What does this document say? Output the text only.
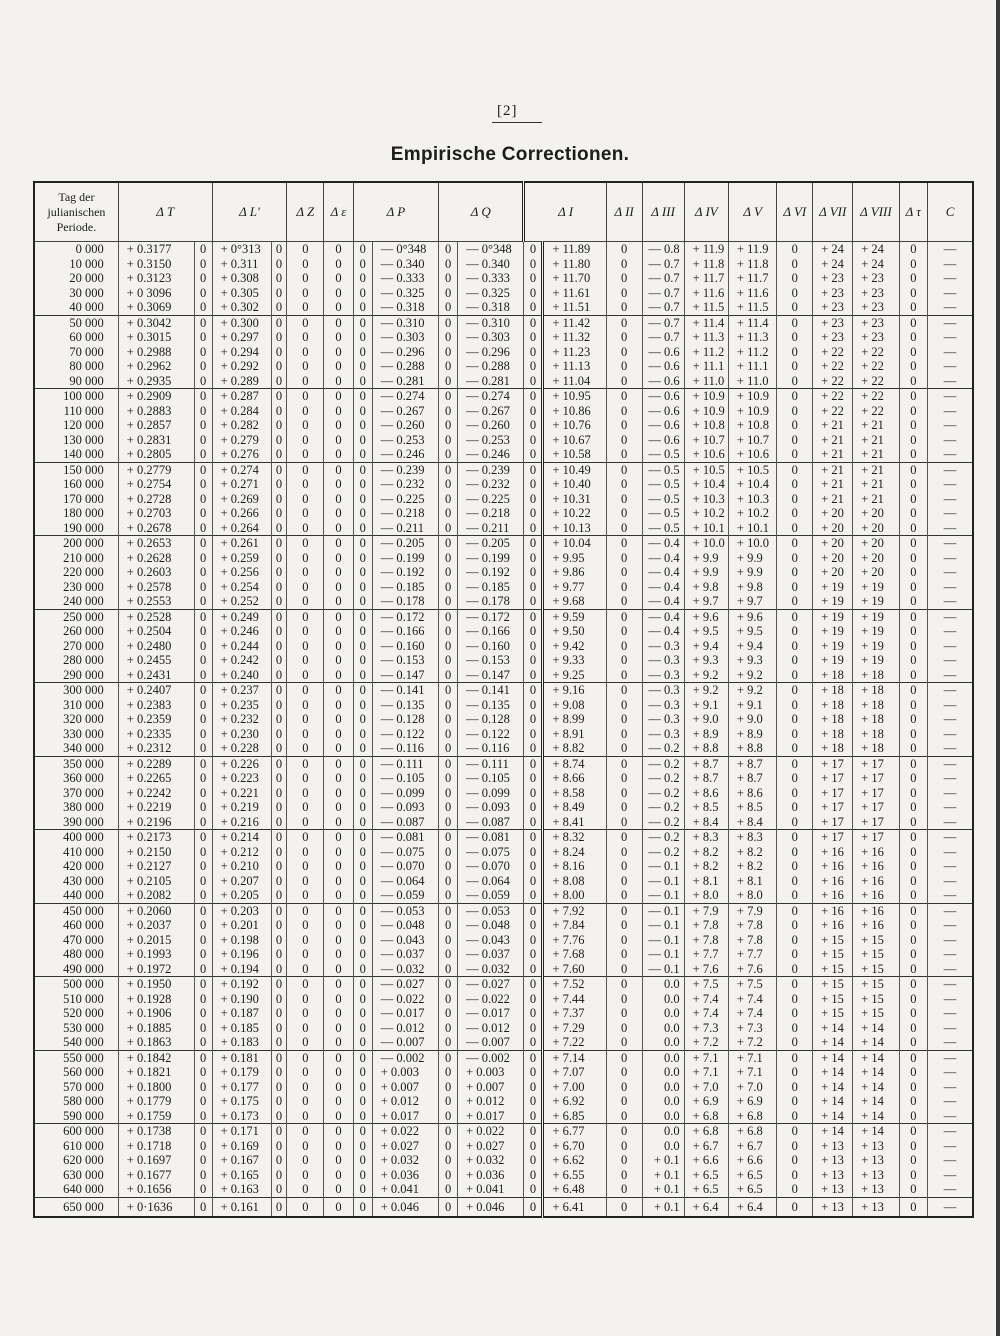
[2]
Empirische Correctionen.
Tag der julianischen Periode.	Δ T		Δ L'		Δ Z	Δ ε	Δ P		Δ Q		Δ I		Δ II	Δ III	Δ IV	Δ V	Δ VI	Δ VII	Δ VIII	Δ τ	C
0 000	+ 0.3177	0	+ 0°313	0	0	0	0	— 0°348	0	— 0°348	0	+ 11.89	0	— 0.8	+ 11.9	+ 11.9	0	+ 24	+ 24	0	—
10 000	+ 0.3150	0	+ 0.311	0	0	0	0	— 0.340	0	— 0.340	0	+ 11.80	0	— 0.7	+ 11.8	+ 11.8	0	+ 24	+ 24	0	—
20 000	+ 0.3123	0	+ 0.308	0	0	0	0	— 0.333	0	— 0.333	0	+ 11.70	0	— 0.7	+ 11.7	+ 11.7	0	+ 23	+ 23	0	—
30 000	+ 0 3096	0	+ 0.305	0	0	0	0	— 0.325	0	— 0.325	0	+ 11.61	0	— 0.7	+ 11.6	+ 11.6	0	+ 23	+ 23	0	—
40 000	+ 0.3069	0	+ 0.302	0	0	0	0	— 0.318	0	— 0.318	0	+ 11.51	0	— 0.7	+ 11.5	+ 11.5	0	+ 23	+ 23	0	—
50 000	+ 0.3042	0	+ 0.300	0	0	0	0	— 0.310	0	— 0.310	0	+ 11.42	0	— 0.7	+ 11.4	+ 11.4	0	+ 23	+ 23	0	—
60 000	+ 0.3015	0	+ 0.297	0	0	0	0	— 0.303	0	— 0.303	0	+ 11.32	0	— 0.7	+ 11.3	+ 11.3	0	+ 23	+ 23	0	—
70 000	+ 0.2988	0	+ 0.294	0	0	0	0	— 0.296	0	— 0.296	0	+ 11.23	0	— 0.6	+ 11.2	+ 11.2	0	+ 22	+ 22	0	—
80 000	+ 0.2962	0	+ 0.292	0	0	0	0	— 0.288	0	— 0.288	0	+ 11.13	0	— 0.6	+ 11.1	+ 11.1	0	+ 22	+ 22	0	—
90 000	+ 0.2935	0	+ 0.289	0	0	0	0	— 0.281	0	— 0.281	0	+ 11.04	0	— 0.6	+ 11.0	+ 11.0	0	+ 22	+ 22	0	—
100 000	+ 0.2909	0	+ 0.287	0	0	0	0	— 0.274	0	— 0.274	0	+ 10.95	0	— 0.6	+ 10.9	+ 10.9	0	+ 22	+ 22	0	—
110 000	+ 0.2883	0	+ 0.284	0	0	0	0	— 0.267	0	— 0.267	0	+ 10.86	0	— 0.6	+ 10.9	+ 10.9	0	+ 22	+ 22	0	—
120 000	+ 0.2857	0	+ 0.282	0	0	0	0	— 0.260	0	— 0.260	0	+ 10.76	0	— 0.6	+ 10.8	+ 10.8	0	+ 21	+ 21	0	—
130 000	+ 0.2831	0	+ 0.279	0	0	0	0	— 0.253	0	— 0.253	0	+ 10.67	0	— 0.6	+ 10.7	+ 10.7	0	+ 21	+ 21	0	—
140 000	+ 0.2805	0	+ 0.276	0	0	0	0	— 0.246	0	— 0.246	0	+ 10.58	0	— 0.5	+ 10.6	+ 10.6	0	+ 21	+ 21	0	—
150 000	+ 0.2779	0	+ 0.274	0	0	0	0	— 0.239	0	— 0.239	0	+ 10.49	0	— 0.5	+ 10.5	+ 10.5	0	+ 21	+ 21	0	—
160 000	+ 0.2754	0	+ 0.271	0	0	0	0	— 0.232	0	— 0.232	0	+ 10.40	0	— 0.5	+ 10.4	+ 10.4	0	+ 21	+ 21	0	—
170 000	+ 0.2728	0	+ 0.269	0	0	0	0	— 0.225	0	— 0.225	0	+ 10.31	0	— 0.5	+ 10.3	+ 10.3	0	+ 21	+ 21	0	—
180 000	+ 0.2703	0	+ 0.266	0	0	0	0	— 0.218	0	— 0.218	0	+ 10.22	0	— 0.5	+ 10.2	+ 10.2	0	+ 20	+ 20	0	—
190 000	+ 0.2678	0	+ 0.264	0	0	0	0	— 0.211	0	— 0.211	0	+ 10.13	0	— 0.5	+ 10.1	+ 10.1	0	+ 20	+ 20	0	—
200 000	+ 0.2653	0	+ 0.261	0	0	0	0	— 0.205	0	— 0.205	0	+ 10.04	0	— 0.4	+ 10.0	+ 10.0	0	+ 20	+ 20	0	—
210 000	+ 0.2628	0	+ 0.259	0	0	0	0	— 0.199	0	— 0.199	0	+ 9.95	0	— 0.4	+ 9.9	+ 9.9	0	+ 20	+ 20	0	—
220 000	+ 0.2603	0	+ 0.256	0	0	0	0	— 0.192	0	— 0.192	0	+ 9.86	0	— 0.4	+ 9.9	+ 9.9	0	+ 20	+ 20	0	—
230 000	+ 0.2578	0	+ 0.254	0	0	0	0	— 0.185	0	— 0.185	0	+ 9.77	0	— 0.4	+ 9.8	+ 9.8	0	+ 19	+ 19	0	—
240 000	+ 0.2553	0	+ 0.252	0	0	0	0	— 0.178	0	— 0.178	0	+ 9.68	0	— 0.4	+ 9.7	+ 9.7	0	+ 19	+ 19	0	—
250 000	+ 0.2528	0	+ 0.249	0	0	0	0	— 0.172	0	— 0.172	0	+ 9.59	0	— 0.4	+ 9.6	+ 9.6	0	+ 19	+ 19	0	—
260 000	+ 0.2504	0	+ 0.246	0	0	0	0	— 0.166	0	— 0.166	0	+ 9.50	0	— 0.4	+ 9.5	+ 9.5	0	+ 19	+ 19	0	—
270 000	+ 0.2480	0	+ 0.244	0	0	0	0	— 0.160	0	— 0.160	0	+ 9.42	0	— 0.3	+ 9.4	+ 9.4	0	+ 19	+ 19	0	—
280 000	+ 0.2455	0	+ 0.242	0	0	0	0	— 0.153	0	— 0.153	0	+ 9.33	0	— 0.3	+ 9.3	+ 9.3	0	+ 19	+ 19	0	—
290 000	+ 0.2431	0	+ 0.240	0	0	0	0	— 0.147	0	— 0.147	0	+ 9.25	0	— 0.3	+ 9.2	+ 9.2	0	+ 18	+ 18	0	—
300 000	+ 0.2407	0	+ 0.237	0	0	0	0	— 0.141	0	— 0.141	0	+ 9.16	0	— 0.3	+ 9.2	+ 9.2	0	+ 18	+ 18	0	—
310 000	+ 0.2383	0	+ 0.235	0	0	0	0	— 0.135	0	— 0.135	0	+ 9.08	0	— 0.3	+ 9.1	+ 9.1	0	+ 18	+ 18	0	—
320 000	+ 0.2359	0	+ 0.232	0	0	0	0	— 0.128	0	— 0.128	0	+ 8.99	0	— 0.3	+ 9.0	+ 9.0	0	+ 18	+ 18	0	—
330 000	+ 0.2335	0	+ 0.230	0	0	0	0	— 0.122	0	— 0.122	0	+ 8.91	0	— 0.3	+ 8.9	+ 8.9	0	+ 18	+ 18	0	—
340 000	+ 0.2312	0	+ 0.228	0	0	0	0	— 0.116	0	— 0.116	0	+ 8.82	0	— 0.2	+ 8.8	+ 8.8	0	+ 18	+ 18	0	—
350 000	+ 0.2289	0	+ 0.226	0	0	0	0	— 0.111	0	— 0.111	0	+ 8.74	0	— 0.2	+ 8.7	+ 8.7	0	+ 17	+ 17	0	—
360 000	+ 0.2265	0	+ 0.223	0	0	0	0	— 0.105	0	— 0.105	0	+ 8.66	0	— 0.2	+ 8.7	+ 8.7	0	+ 17	+ 17	0	—
370 000	+ 0.2242	0	+ 0.221	0	0	0	0	— 0.099	0	— 0.099	0	+ 8.58	0	— 0.2	+ 8.6	+ 8.6	0	+ 17	+ 17	0	—
380 000	+ 0.2219	0	+ 0.219	0	0	0	0	— 0.093	0	— 0.093	0	+ 8.49	0	— 0.2	+ 8.5	+ 8.5	0	+ 17	+ 17	0	—
390 000	+ 0.2196	0	+ 0.216	0	0	0	0	— 0.087	0	— 0.087	0	+ 8.41	0	— 0.2	+ 8.4	+ 8.4	0	+ 17	+ 17	0	—
400 000	+ 0.2173	0	+ 0.214	0	0	0	0	— 0.081	0	— 0.081	0	+ 8.32	0	— 0.2	+ 8.3	+ 8.3	0	+ 17	+ 17	0	—
410 000	+ 0.2150	0	+ 0.212	0	0	0	0	— 0.075	0	— 0.075	0	+ 8.24	0	— 0.2	+ 8.2	+ 8.2	0	+ 16	+ 16	0	—
420 000	+ 0.2127	0	+ 0.210	0	0	0	0	— 0.070	0	— 0.070	0	+ 8.16	0	— 0.1	+ 8.2	+ 8.2	0	+ 16	+ 16	0	—
430 000	+ 0.2105	0	+ 0.207	0	0	0	0	— 0.064	0	— 0.064	0	+ 8.08	0	— 0.1	+ 8.1	+ 8.1	0	+ 16	+ 16	0	—
440 000	+ 0.2082	0	+ 0.205	0	0	0	0	— 0.059	0	— 0.059	0	+ 8.00	0	— 0.1	+ 8.0	+ 8.0	0	+ 16	+ 16	0	—
450 000	+ 0.2060	0	+ 0.203	0	0	0	0	— 0.053	0	— 0.053	0	+ 7.92	0	— 0.1	+ 7.9	+ 7.9	0	+ 16	+ 16	0	—
460 000	+ 0.2037	0	+ 0.201	0	0	0	0	— 0.048	0	— 0.048	0	+ 7.84	0	— 0.1	+ 7.8	+ 7.8	0	+ 16	+ 16	0	—
470 000	+ 0.2015	0	+ 0.198	0	0	0	0	— 0.043	0	— 0.043	0	+ 7.76	0	— 0.1	+ 7.8	+ 7.8	0	+ 15	+ 15	0	—
480 000	+ 0.1993	0	+ 0.196	0	0	0	0	— 0.037	0	— 0.037	0	+ 7.68	0	— 0.1	+ 7.7	+ 7.7	0	+ 15	+ 15	0	—
490 000	+ 0.1972	0	+ 0.194	0	0	0	0	— 0.032	0	— 0.032	0	+ 7.60	0	— 0.1	+ 7.6	+ 7.6	0	+ 15	+ 15	0	—
500 000	+ 0.1950	0	+ 0.192	0	0	0	0	— 0.027	0	— 0.027	0	+ 7.52	0	0.0	+ 7.5	+ 7.5	0	+ 15	+ 15	0	—
510 000	+ 0.1928	0	+ 0.190	0	0	0	0	— 0.022	0	— 0.022	0	+ 7.44	0	0.0	+ 7.4	+ 7.4	0	+ 15	+ 15	0	—
520 000	+ 0.1906	0	+ 0.187	0	0	0	0	— 0.017	0	— 0.017	0	+ 7.37	0	0.0	+ 7.4	+ 7.4	0	+ 15	+ 15	0	—
530 000	+ 0.1885	0	+ 0.185	0	0	0	0	— 0.012	0	— 0.012	0	+ 7.29	0	0.0	+ 7.3	+ 7.3	0	+ 14	+ 14	0	—
540 000	+ 0.1863	0	+ 0.183	0	0	0	0	— 0.007	0	— 0.007	0	+ 7.22	0	0.0	+ 7.2	+ 7.2	0	+ 14	+ 14	0	—
550 000	+ 0.1842	0	+ 0.181	0	0	0	0	— 0.002	0	— 0.002	0	+ 7.14	0	0.0	+ 7.1	+ 7.1	0	+ 14	+ 14	0	—
560 000	+ 0.1821	0	+ 0.179	0	0	0	0	+ 0.003	0	+ 0.003	0	+ 7.07	0	0.0	+ 7.1	+ 7.1	0	+ 14	+ 14	0	—
570 000	+ 0.1800	0	+ 0.177	0	0	0	0	+ 0.007	0	+ 0.007	0	+ 7.00	0	0.0	+ 7.0	+ 7.0	0	+ 14	+ 14	0	—
580 000	+ 0.1779	0	+ 0.175	0	0	0	0	+ 0.012	0	+ 0.012	0	+ 6.92	0	0.0	+ 6.9	+ 6.9	0	+ 14	+ 14	0	—
590 000	+ 0.1759	0	+ 0.173	0	0	0	0	+ 0.017	0	+ 0.017	0	+ 6.85	0	0.0	+ 6.8	+ 6.8	0	+ 14	+ 14	0	—
600 000	+ 0.1738	0	+ 0.171	0	0	0	0	+ 0.022	0	+ 0.022	0	+ 6.77	0	0.0	+ 6.8	+ 6.8	0	+ 14	+ 14	0	—
610 000	+ 0.1718	0	+ 0.169	0	0	0	0	+ 0.027	0	+ 0.027	0	+ 6.70	0	0.0	+ 6.7	+ 6.7	0	+ 13	+ 13	0	—
620 000	+ 0.1697	0	+ 0.167	0	0	0	0	+ 0.032	0	+ 0.032	0	+ 6.62	0	+ 0.1	+ 6.6	+ 6.6	0	+ 13	+ 13	0	—
630 000	+ 0.1677	0	+ 0.165	0	0	0	0	+ 0.036	0	+ 0.036	0	+ 6.55	0	+ 0.1	+ 6.5	+ 6.5	0	+ 13	+ 13	0	—
640 000	+ 0.1656	0	+ 0.163	0	0	0	0	+ 0.041	0	+ 0.041	0	+ 6.48	0	+ 0.1	+ 6.5	+ 6.5	0	+ 13	+ 13	0	—
650 000	+ 0·1636	0	+ 0.161	0	0	0	0	+ 0.046	0	+ 0.046	0	+ 6.41	0	+ 0.1	+ 6.4	+ 6.4	0	+ 13	+ 13	0	—
